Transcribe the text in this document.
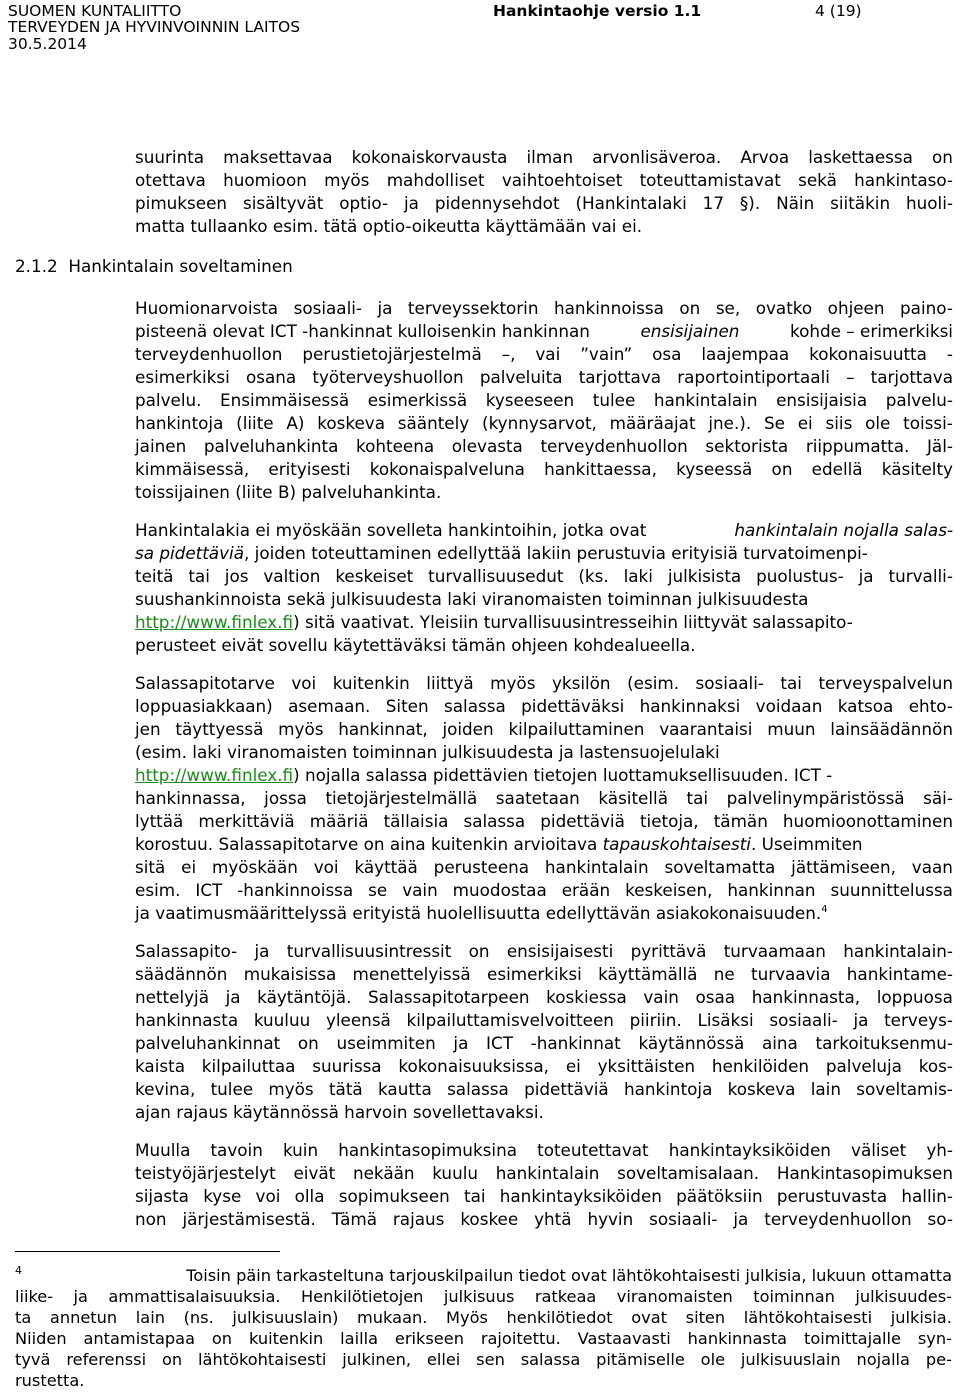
SUOMEN KUNTALIITTO
TERVEYDEN JA HYVINVOINNIN LAITOS
30.5.2014
Hankintaohje versio 1.1	4 (19)
suurinta maksettavaa kokonaiskorvausta ilman arvonlisäveroa. Arvoa laskettaessa on
otettava huomioon myös mahdolliset vaihtoehtoiset toteuttamistavat sekä hankintaso-
pimukseen sisältyvät optio- ja pidennysehdot (Hankintalaki 17 §). Näin siitäkin huoli-
matta tullaanko esim. tätä optio-oikeutta käyttämään vai ei.
2.1.2  Hankintalain soveltaminen
Huomionarvoista sosiaali- ja terveyssektorin hankinnoissa on se, ovatko ohjeen paino-
pisteenä olevat ICT -hankinnat kulloisenkin hankinnan	ensisijainen	kohde – erimerkiksi
terveydenhuollon perustietojärjestelmä –, vai ”vain” osa laajempaa kokonaisuutta -
esimerkiksi osana työterveyshuollon palveluita tarjottava raportointiportaali – tarjottava
palvelu. Ensimmäisessä esimerkissä kyseeseen tulee hankintalain ensisijaisia palvelu-
hankintoja (liite A) koskeva sääntely (kynnysarvot, määräajat jne.). Se ei siis ole toissi-
jainen palveluhankinta kohteena olevasta terveydenhuollon sektorista riippumatta. Jäl-
kimmäisessä, erityisesti kokonaispalveluna hankittaessa, kyseessä on edellä käsitelty
toissijainen (liite B) palveluhankinta.
Hankintalakia ei myöskään sovelleta hankintoihin, jotka ovat	hankintalain nojalla salas-
sa pidettäviä, joiden toteuttaminen edellyttää lakiin perustuvia erityisiä turvatoimenpi-
teitä tai jos valtion keskeiset turvallisuusedut (ks. laki julkisista puolustus- ja turvalli-
suushankinnoista sekä julkisuudesta laki viranomaisten toiminnan julkisuudesta
http://www.finlex.fi) sitä vaativat. Yleisiin turvallisuusintresseihin liittyvät salassapito-
perusteet eivät sovellu käytettäväksi tämän ohjeen kohdealueella.
Salassapitotarve voi kuitenkin liittyä myös yksilön (esim. sosiaali- tai terveyspalvelun
loppuasiakkaan) asemaan. Siten salassa pidettäväksi hankinnaksi voidaan katsoa ehto-
jen täyttyessä myös hankinnat, joiden kilpailuttaminen vaarantaisi muun lainsäädännön
(esim. laki viranomaisten toiminnan julkisuudesta ja lastensuojelulaki
http://www.finlex.fi) nojalla salassa pidettävien tietojen luottamuksellisuuden. ICT -
hankinnassa, jossa tietojärjestelmällä saatetaan käsitellä tai palvelinympäristössä säi-
lyttää merkittäviä määriä tällaisia salassa pidettäviä tietoja, tämän huomioonottaminen
korostuu. Salassapitotarve on aina kuitenkin arvioitava tapauskohtaisesti. Useimmiten
sitä ei myöskään voi käyttää perusteena hankintalain soveltamatta jättämiseen, vaan
esim. ICT -hankinnoissa se vain muodostaa erään keskeisen, hankinnan suunnittelussa
ja vaatimusmäärittelyssä erityistä huolellisuutta edellyttävän asiakokonaisuuden.$^4$
Salassapito- ja turvallisuusintressit on ensisijaisesti pyrittävä turvaamaan hankintalain-
säädännön mukaisissa menettelyissä esimerkiksi käyttämällä ne turvaavia hankintame-
nettelyjä ja käytäntöjä. Salassapitotarpeen koskiessa vain osaa hankinnasta, loppuosa
hankinnasta kuuluu yleensä kilpailuttamisvelvoitteen piiriin. Lisäksi sosiaali- ja terveys-
palveluhankinnat on useimmiten ja ICT -hankinnat käytännössä aina tarkoituksenmu-
kaista kilpailuttaa suurissa kokonaisuuksissa, ei yksittäisten henkilöiden palveluja kos-
kevina, tulee myös tätä kautta salassa pidettäviä hankintoja koskeva lain soveltamis-
ajan rajaus käytännössä harvoin sovellettavaksi.
Muulla tavoin kuin hankintasopimuksina toteutettavat hankintayksiköiden väliset yh-
teistyöjärjestelyt eivät nekään kuulu hankintalain soveltamisalaan. Hankintasopimuksen
sijasta kyse voi olla sopimukseen tai hankintayksiköiden päätöksiin perustuvasta hallin-
non järjestämisestä. Tämä rajaus koskee yhtä hyvin sosiaali- ja terveydenhuollon so-
$^4$	Toisin päin tarkasteltuna tarjouskilpailun tiedot ovat lähtökohtaisesti julkisia, lukuun ottamatta
liike- ja ammattisalaisuuksia. Henkilötietojen julkisuus ratkeaa viranomaisten toiminnan julkisuudes-
ta annetun lain (ns. julkisuuslain) mukaan. Myös henkilötiedot ovat siten lähtökohtaisesti julkisia.
Niiden antamistapaa on kuitenkin lailla erikseen rajoitettu. Vastaavasti hankinnasta toimittajalle syn-
tyvä referenssi on lähtökohtaisesti julkinen, ellei sen salassa pitämiselle ole julkisuuslain nojalla pe-
rustetta.
